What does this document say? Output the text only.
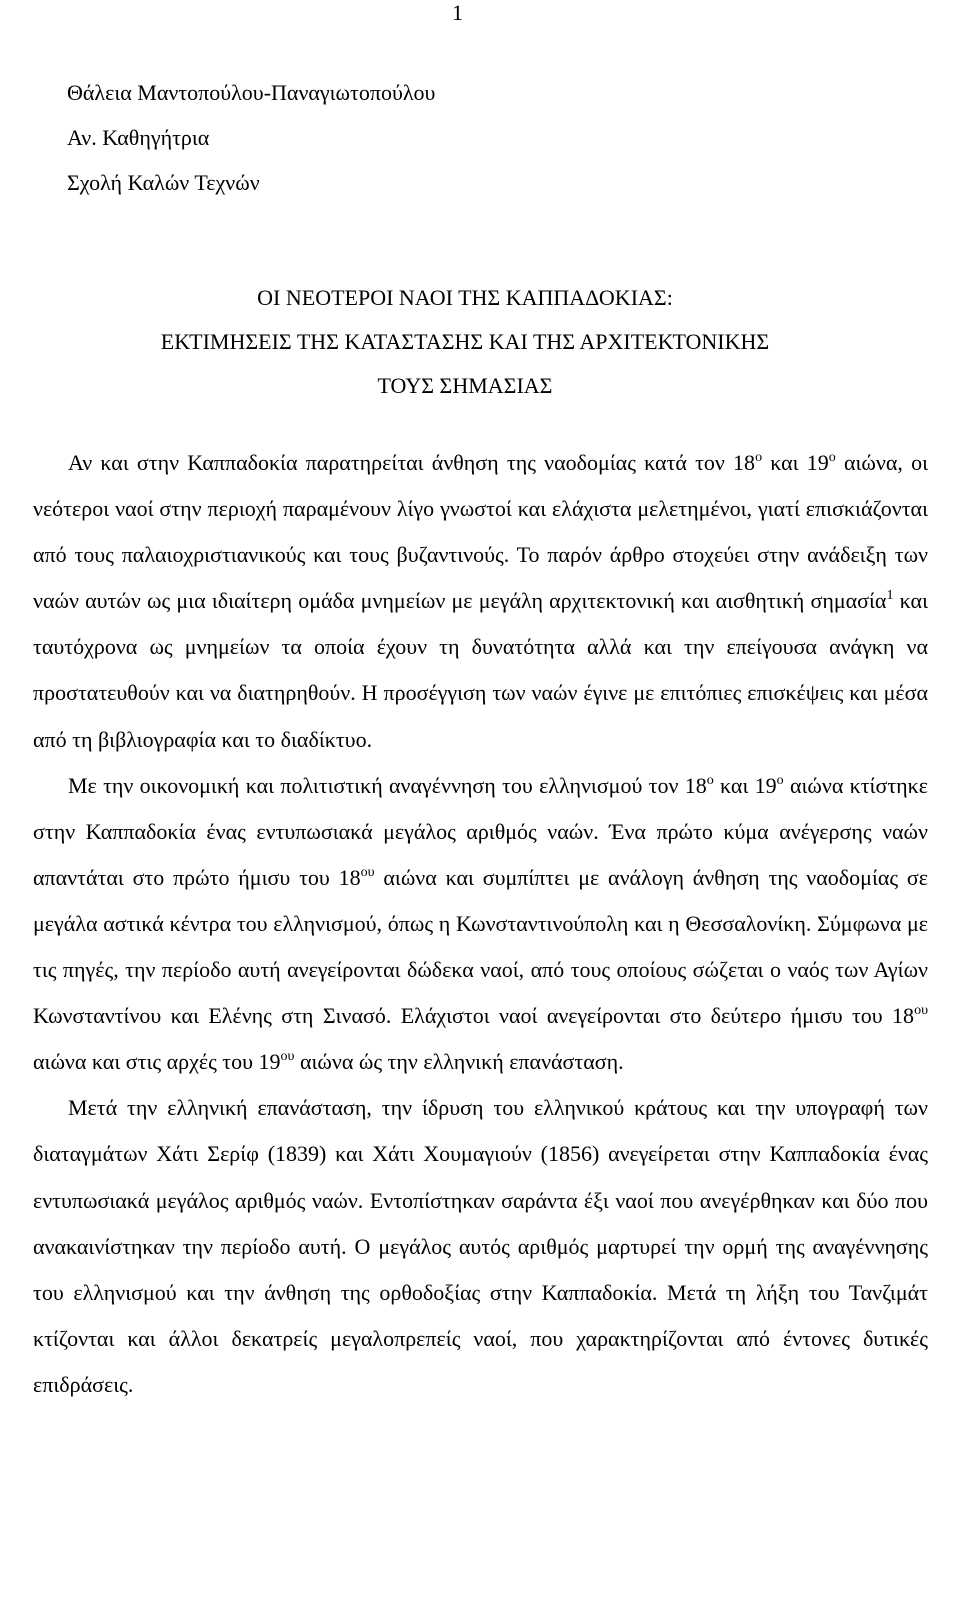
1
Θάλεια Μαντοπούλου-Παναγιωτοπούλου
Αν. Καθηγήτρια
Σχολή Καλών Τεχνών
ΟΙ ΝΕΟΤΕΡΟΙ ΝΑΟΙ ΤΗΣ ΚΑΠΠΑΔΟΚΙΑΣ:
ΕΚΤΙΜΗΣΕΙΣ ΤΗΣ ΚΑΤΑΣΤΑΣΗΣ ΚΑΙ ΤΗΣ ΑΡΧΙΤΕΚΤΟΝΙΚΗΣ
ΤΟΥΣ ΣΗΜΑΣΙΑΣ

Αν και στην Καππαδοκία παρατηρείται άνθηση της ναοδομίας κατά τον $18^o$ και $19^o$ αιώνα, οι νεότεροι ναοί στην περιοχή παραμένουν λίγο γνωστοί και ελάχιστα μελετημένοι, γιατί επισκιάζονται από τους παλαιοχριστιανικούς και τους βυζαντινούς. Το παρόν άρθρο στοχεύει στην ανάδειξη των ναών αυτών ως μια ιδιαίτερη ομάδα μνημείων με μεγάλη αρχιτεκτονική και αισθητική σημασία$^1$ και ταυτόχρονα ως μνημείων τα οποία έχουν τη δυνατότητα αλλά και την επείγουσα ανάγκη να προστατευθούν και να διατηρηθούν. Η προσέγγιση των ναών έγινε με επιτόπιες επισκέψεις και μέσα από τη βιβλιογραφία και το διαδίκτυο.

Με την οικονομική και πολιτιστική αναγέννηση του ελληνισμού τον $18^o$ και $19^o$ αιώνα κτίστηκε στην Καππαδοκία ένας εντυπωσιακά μεγάλος αριθμός ναών. Ένα πρώτο κύμα ανέγερσης ναών απαντάται στο πρώτο ήμισυ του $18^{o\upsilon}$ αιώνα και συμπίπτει με ανάλογη άνθηση της ναοδομίας σε μεγάλα αστικά κέντρα του ελληνισμού, όπως η Κωνσταντινούπολη και η Θεσσαλονίκη. Σύμφωνα με τις πηγές, την περίοδο αυτή ανεγείρονται δώδεκα ναοί, από τους οποίους σώζεται ο ναός των Αγίων Κωνσταντίνου και Ελένης στη Σινασό. Ελάχιστοι ναοί ανεγείρονται στο δεύτερο ήμισυ του $18^{o\upsilon}$ αιώνα και στις αρχές του $19^{o\upsilon}$ αιώνα ώς την ελληνική επανάσταση.

Μετά την ελληνική επανάσταση, την ίδρυση του ελληνικού κράτους και την υπογραφή των διαταγμάτων Χάτι Σερίφ (1839) και Χάτι Χουμαγιούν (1856) ανεγείρεται στην Καππαδοκία ένας εντυπωσιακά μεγάλος αριθμός ναών. Εντοπίστηκαν σαράντα έξι ναοί που ανεγέρθηκαν και δύο που ανακαινίστηκαν την περίοδο αυτή. Ο μεγάλος αυτός αριθμός μαρτυρεί την ορμή της αναγέννησης του ελληνισμού και την άνθηση της ορθοδοξίας στην Καππαδοκία. Μετά τη λήξη του Τανζιμάτ κτίζονται και άλλοι δεκατρείς μεγαλοπρεπείς ναοί, που χαρακτηρίζονται από έντονες δυτικές επιδράσεις.
